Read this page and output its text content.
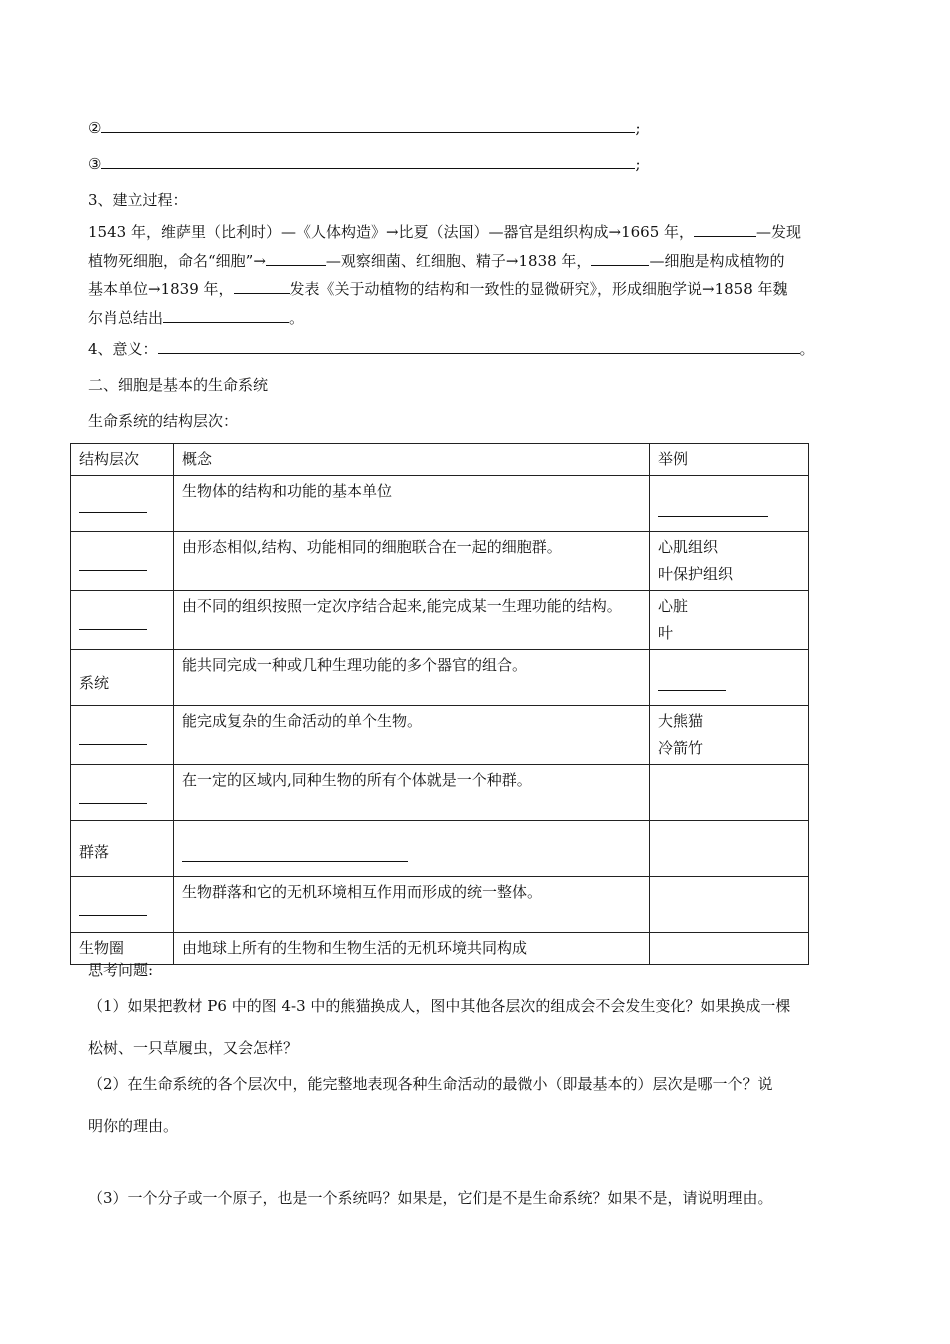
②	;
③	;
3、建立过程：
1543 年，维萨里（比利时）—《人体构造》→比夏（法国）—器官是组织构成→1665 年，	—发现
植物死细胞，命名“细胞”→	—观察细菌、红细胞、精子→1838 年，	—细胞是构成植物的
基本单位→1839 年，	发表《关于动植物的结构和一致性的显微研究》，形成细胞学说→1858 年魏
尔肖总结出	。
4、意义：	。
二、细胞是基本的生命系统
生命系统的结构层次：
结构层次	概念	举例

	生物体的结构和功能的基本单位	

	由形态相似,结构、功能相同的细胞联合在一起的细胞群。	心肌组织
叶保护组织

	由不同的组织按照一定次序结合起来,能完成某一生理功能的结构。	心脏
叶
系统	能共同完成一种或几种生理功能的多个器官的组合。	

	能完成复杂的生命活动的单个生物。	大熊猫
冷箭竹

	在一定的区域内,同种生物的所有个体就是一个种群。	
群落	

	生物群落和它的无机环境相互作用而形成的统一整体。	
生物圈	由地球上所有的生物和生物生活的无机环境共同构成	
思考问题:
（1）如果把教材 P6 中的图 4-3 中的熊猫换成人，图中其他各层次的组成会不会发生变化？如果换成一棵
松树、一只草履虫，又会怎样？
（2）在生命系统的各个层次中，能完整地表现各种生命活动的最微小（即最基本的）层次是哪一个？说
明你的理由。
（3）一个分子或一个原子，也是一个系统吗？如果是，它们是不是生命系统？如果不是，请说明理由。
